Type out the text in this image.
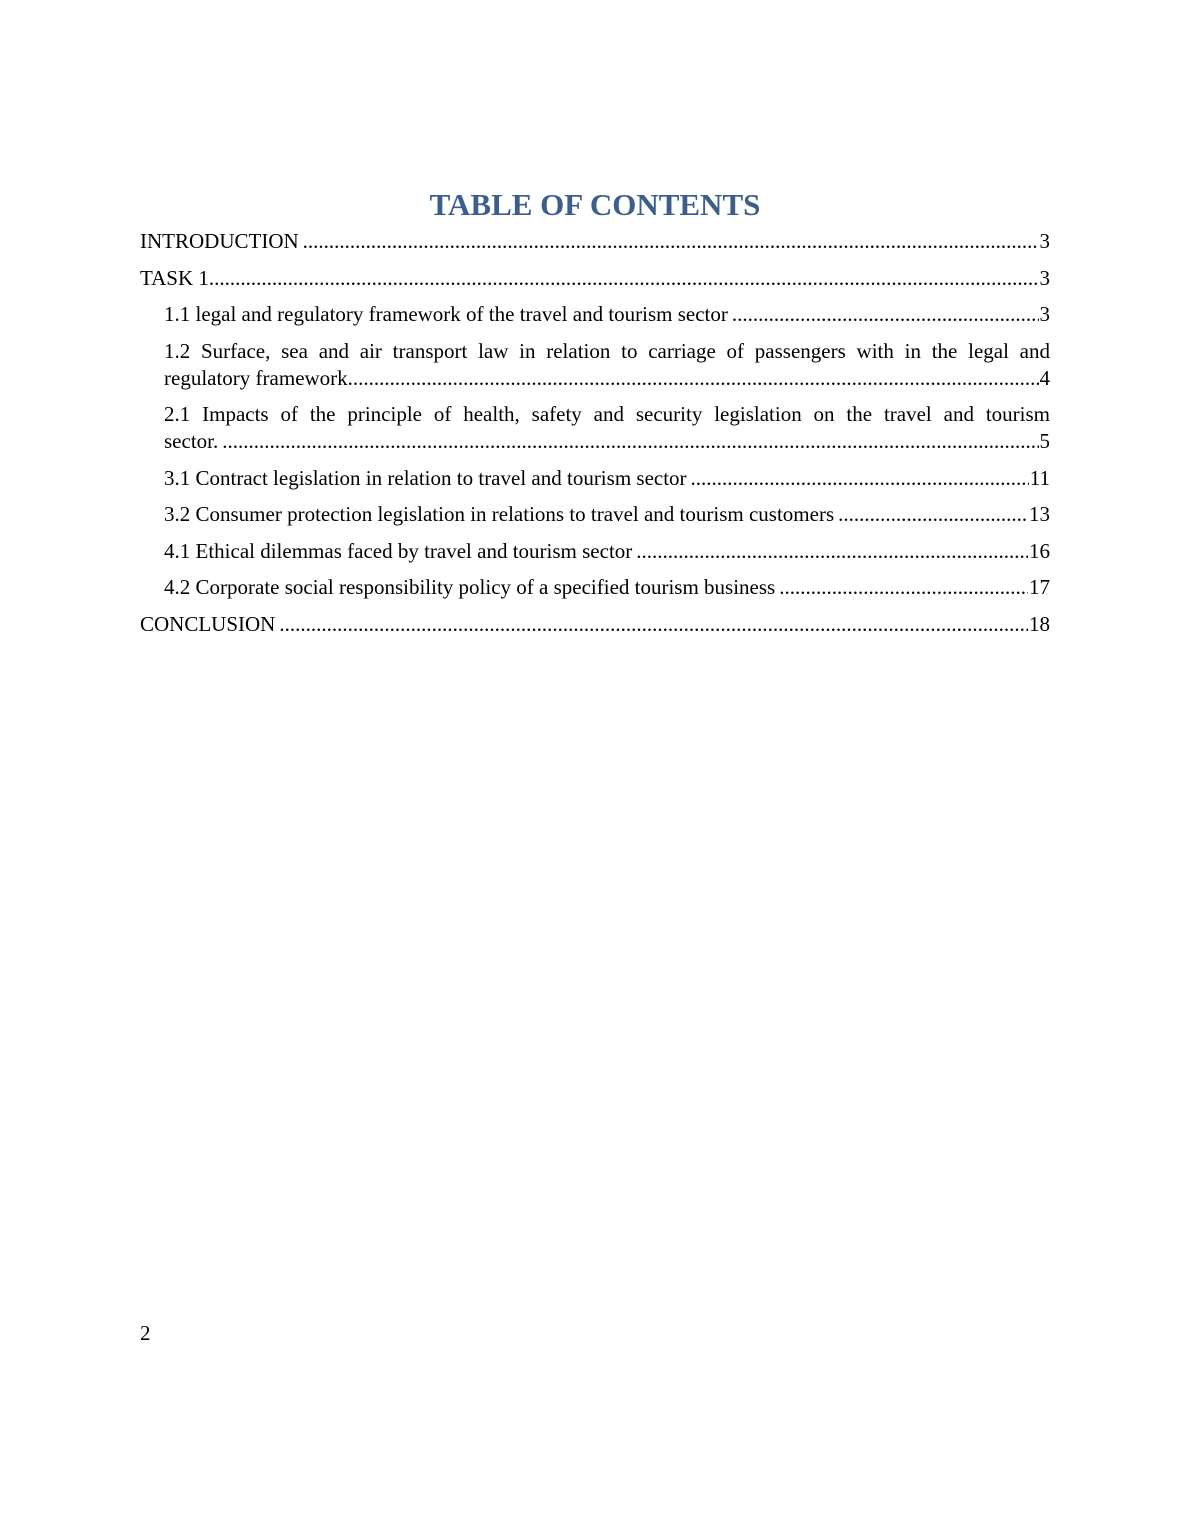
TABLE OF CONTENTS
INTRODUCTION .....	3
TASK 1 .....	3
1.1 legal and regulatory framework of the travel and tourism sector .....	3
1.2 Surface, sea and air transport law in relation to carriage of passengers with in the legal and
regulatory framework .....	4
2.1 Impacts of the principle of health, safety and security legislation on the travel and tourism
sector. .....	5
3.1 Contract legislation in relation to travel and tourism sector .....	11
3.2 Consumer protection legislation in relations to travel and tourism customers .....	13
4.1 Ethical dilemmas faced by travel and tourism sector .....	16
4.2 Corporate social responsibility policy of a specified tourism business .....	17
CONCLUSION .....	18
2
